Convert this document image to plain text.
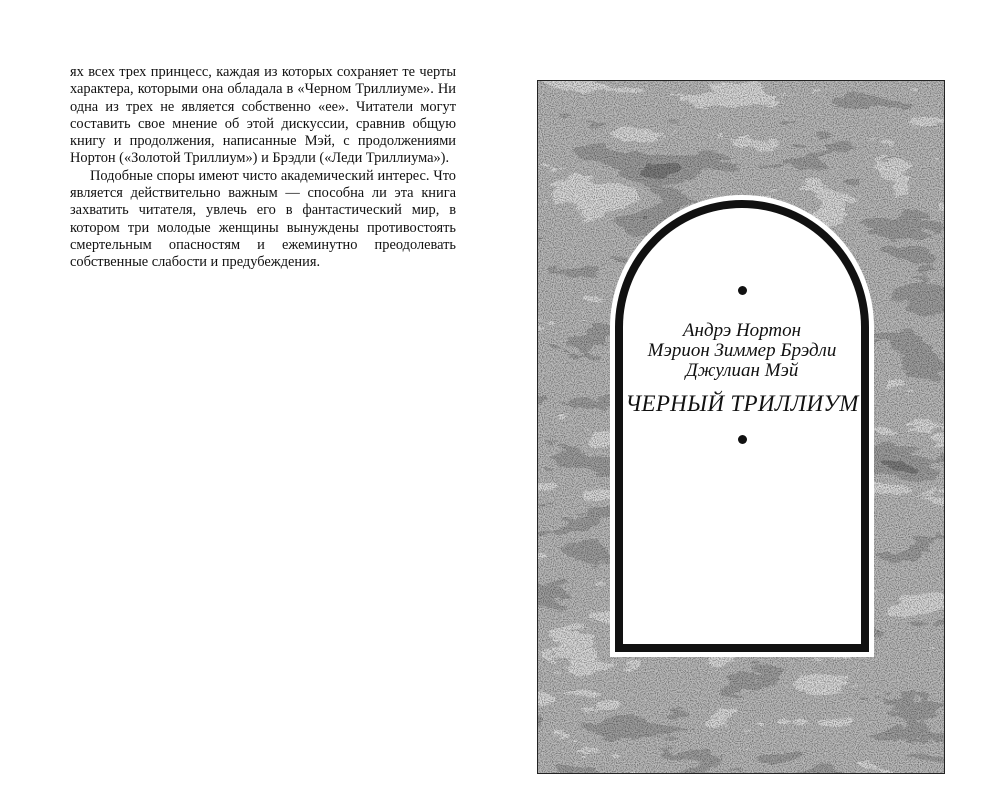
ях всех трех принцесс, каждая из которых сохраняет те черты характера, которыми она обладала в «Черном Триллиуме». Ни одна из трех не является собственно «ее». Читатели могут составить свое мнение об этой дискуссии, сравнив общую книгу и продолжения, написанные Мэй, с продолжениями Нортон («Золотой Триллиум») и Брэдли («Леди Триллиума»).

Подобные споры имеют чисто академический интерес. Что является действительно важным — способна ли эта книга захватить читателя, увлечь его в фантастический мир, в котором три молодые женщины вынуждены противостоять смертельным опасностям и ежеминутно преодолевать собственные слабости и предубеждения.

Андрэ Нортон
Мэрион Зиммер Брэдли
Джулиан Мэй
ЧЕРНЫЙ ТРИЛЛИУМ
